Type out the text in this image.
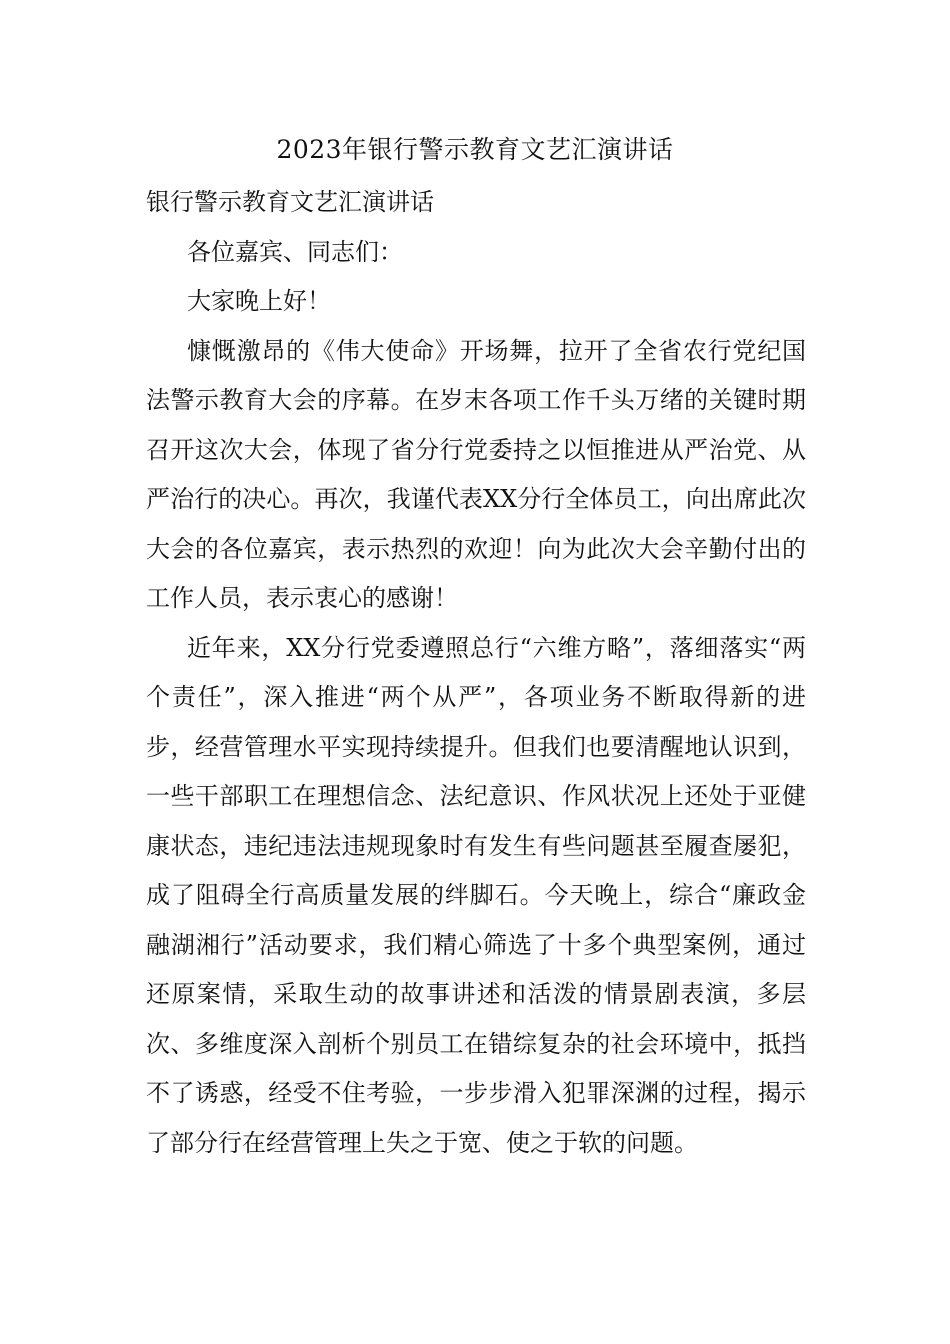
2023年银行警示教育文艺汇演讲话

银行警示教育文艺汇演讲话

各位嘉宾、同志们：

大家晚上好！

慷慨激昂的《伟大使命》开场舞，拉开了全省农行党纪国法警示教育大会的序幕。在岁末各项工作千头万绪的关键时期召开这次大会，体现了省分行党委持之以恒推进从严治党、从严治行的决心。再次，我谨代表XX分行全体员工，向出席此次大会的各位嘉宾，表示热烈的欢迎！向为此次大会辛勤付出的工作人员，表示衷心的感谢！

近年来，XX分行党委遵照总行“六维方略”，落细落实“两个责任”，深入推进“两个从严”，各项业务不断取得新的进步，经营管理水平实现持续提升。但我们也要清醒地认识到，一些干部职工在理想信念、法纪意识、作风状况上还处于亚健康状态，违纪违法违规现象时有发生有些问题甚至履查屡犯，成了阻碍全行高质量发展的绊脚石。今天晚上，综合“廉政金融湖湘行”活动要求，我们精心筛选了十多个典型案例，通过还原案情，采取生动的故事讲述和活泼的情景剧表演，多层次、多维度深入剖析个别员工在错综复杂的社会环境中，抵挡不了诱惑，经受不住考验，一步步滑入犯罪深渊的过程，揭示了部分行在经营管理上失之于宽、使之于软的问题。
